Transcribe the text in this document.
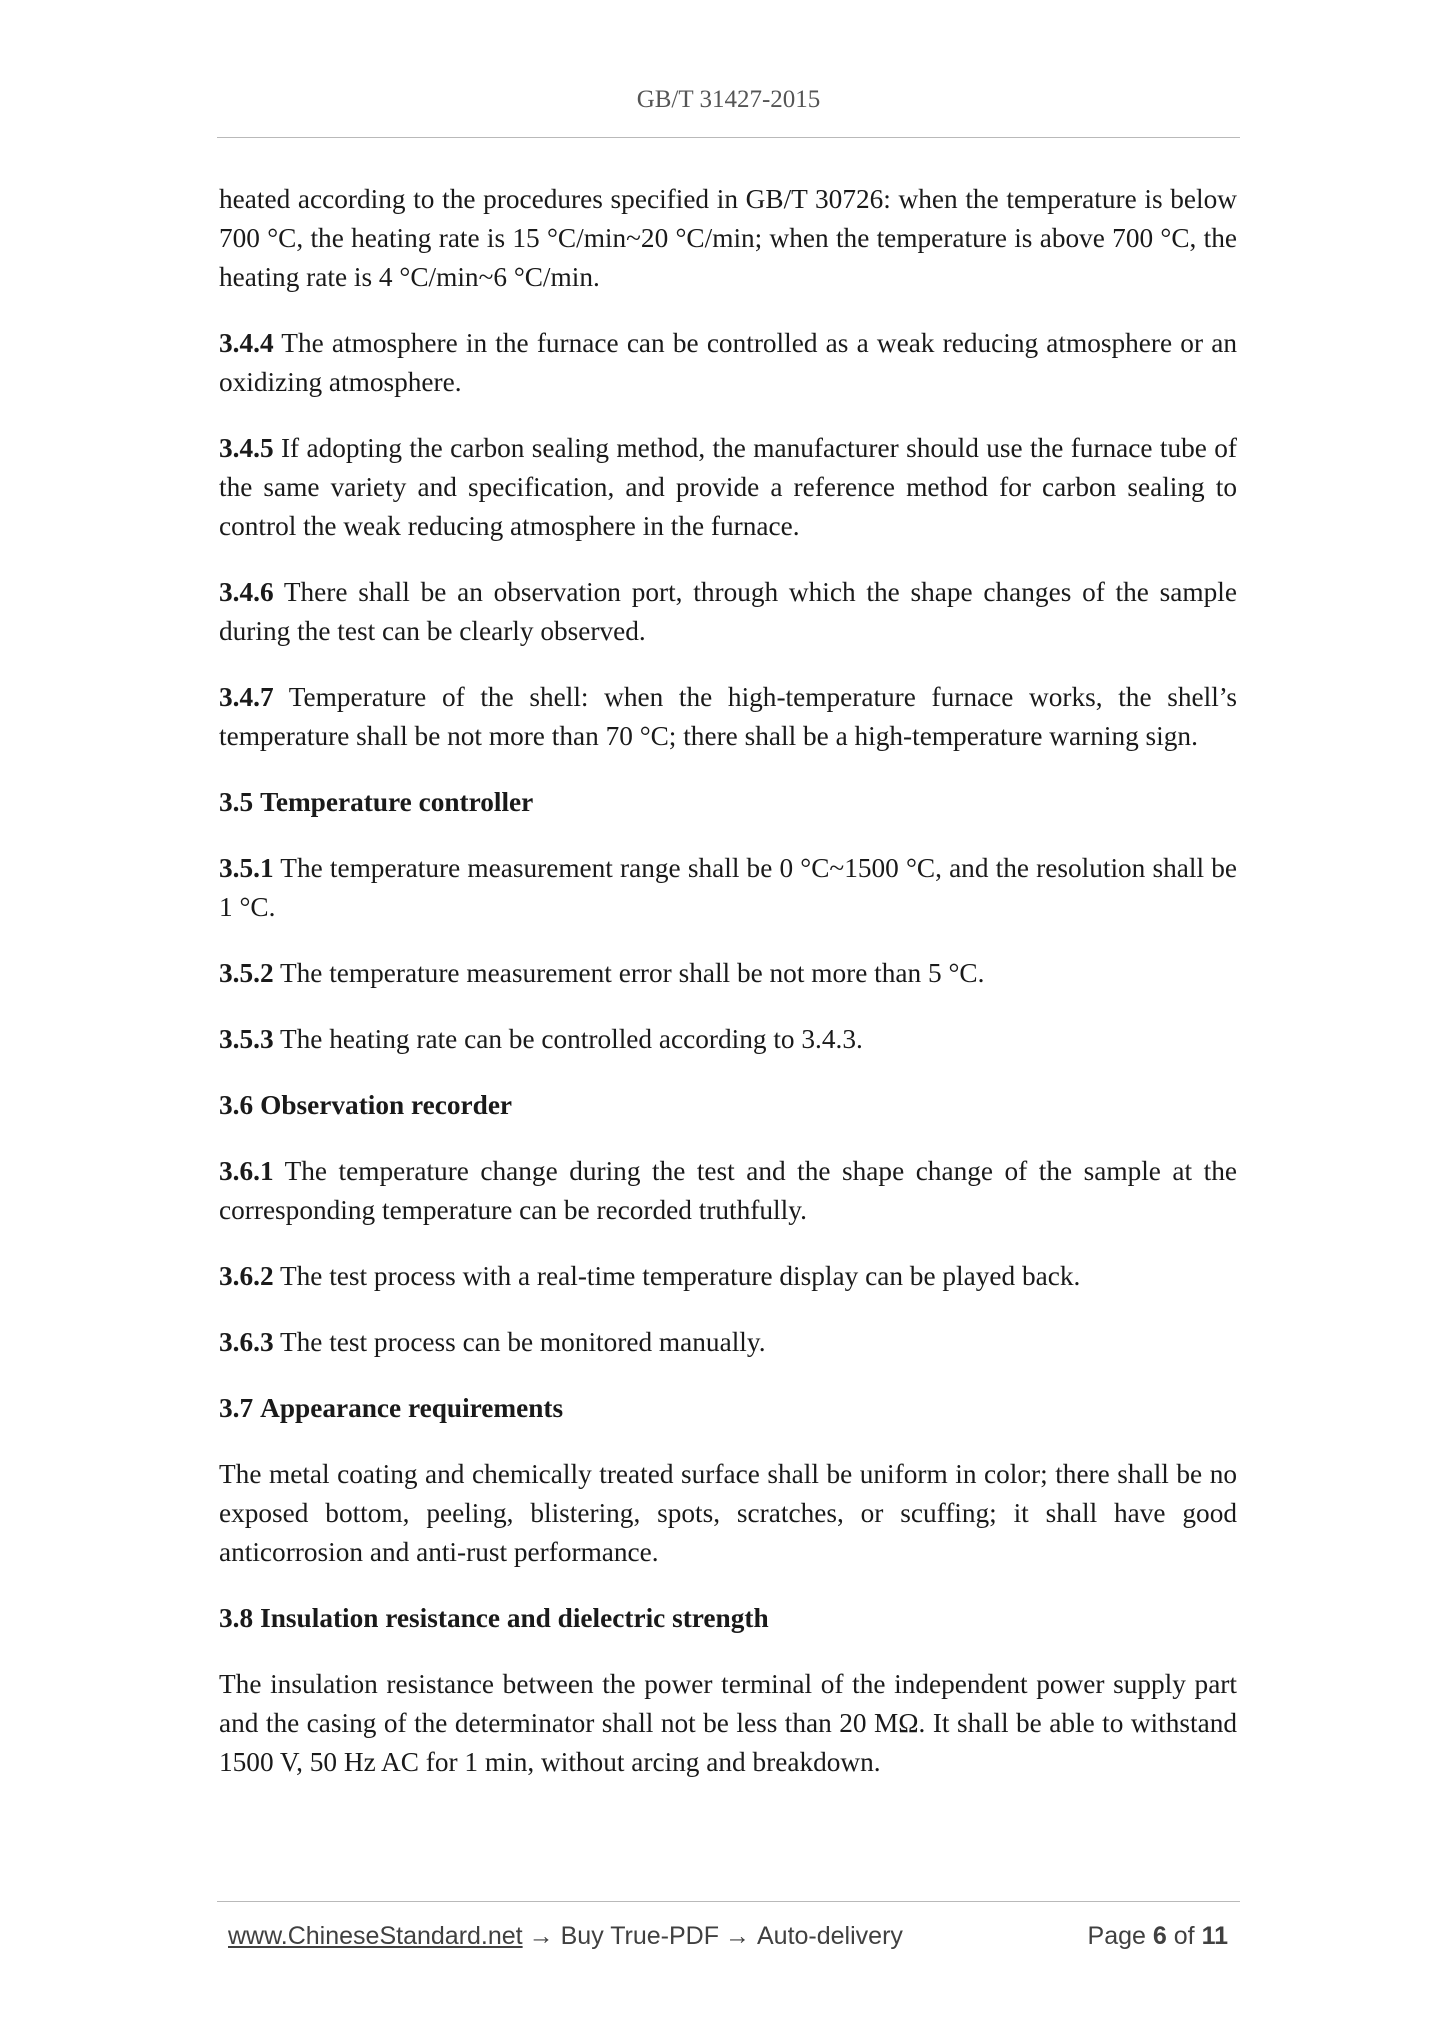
GB/T 31427-2015

heated according to the procedures specified in GB/T 30726: when the temperature is below 700 °C, the heating rate is 15 °C/min~20 °C/min; when the temperature is above 700 °C, the heating rate is 4 °C/min~6 °C/min.

3.4.4 The atmosphere in the furnace can be controlled as a weak reducing atmosphere or an oxidizing atmosphere.

3.4.5 If adopting the carbon sealing method, the manufacturer should use the furnace tube of the same variety and specification, and provide a reference method for carbon sealing to control the weak reducing atmosphere in the furnace.

3.4.6 There shall be an observation port, through which the shape changes of the sample during the test can be clearly observed.

3.4.7 Temperature of the shell: when the high-temperature furnace works, the shell’s temperature shall be not more than 70 °C; there shall be a high-temperature warning sign.

3.5 Temperature controller

3.5.1 The temperature measurement range shall be 0 °C~1500 °C, and the resolution shall be 1 °C.

3.5.2 The temperature measurement error shall be not more than 5 °C.

3.5.3 The heating rate can be controlled according to 3.4.3.

3.6 Observation recorder

3.6.1 The temperature change during the test and the shape change of the sample at the corresponding temperature can be recorded truthfully.

3.6.2 The test process with a real-time temperature display can be played back.

3.6.3 The test process can be monitored manually.

3.7 Appearance requirements

The metal coating and chemically treated surface shall be uniform in color; there shall be no exposed bottom, peeling, blistering, spots, scratches, or scuffing; it shall have good anticorrosion and anti-rust performance.

3.8 Insulation resistance and dielectric strength

The insulation resistance between the power terminal of the independent power supply part and the casing of the determinator shall not be less than 20 MΩ. It shall be able to withstand 1500 V, 50 Hz AC for 1 min, without arcing and breakdown.

www.ChineseStandard.net → Buy True-PDF → Auto-delivery	Page 6 of 11
